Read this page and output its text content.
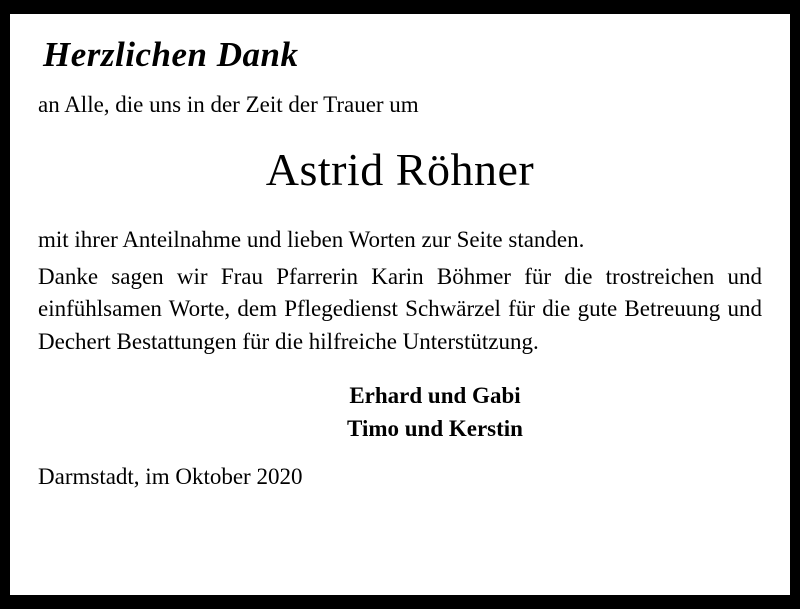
Herzlichen Dank
an Alle, die uns in der Zeit der Trauer um
Astrid Röhner

mit ihrer Anteilnahme und lieben Worten zur Seite standen.

Danke sagen wir Frau Pfarrerin Karin Böhmer für die trostreichen und einfühlsamen Worte, dem Pflegedienst Schwärzel für die gute Betreuung und Dechert Bestattungen für die hilfreiche Unterstützung.

Erhard und Gabi
Timo und Kerstin
Darmstadt, im Oktober 2020
